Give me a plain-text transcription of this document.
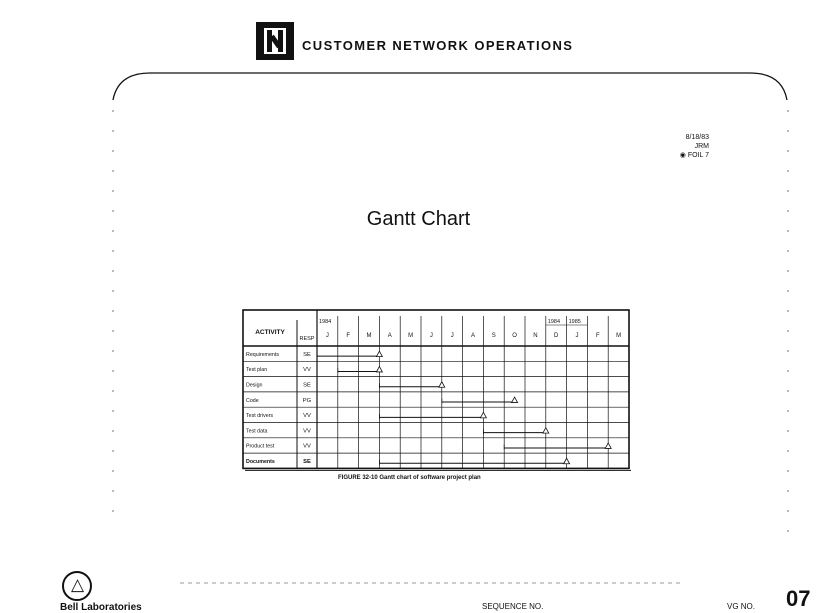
CUSTOMER NETWORK OPERATIONS
8/18/83
JRM
◉ FOIL 7
Gantt Chart
J	F	M	A	M	J	J	A	S	O	N	D	J	F	M
1984	1984 1985
ACTIVITY
RESP
Requirements	SE
Test plan	VV
Design	SE
Code	PG
Test drivers	VV
Test data	VV
Product test	VV
Documents	SE
FIGURE 32-10 Gantt chart of software project plan
△
Bell Laboratories	SEQUENCE NO.	VG NO. 07
